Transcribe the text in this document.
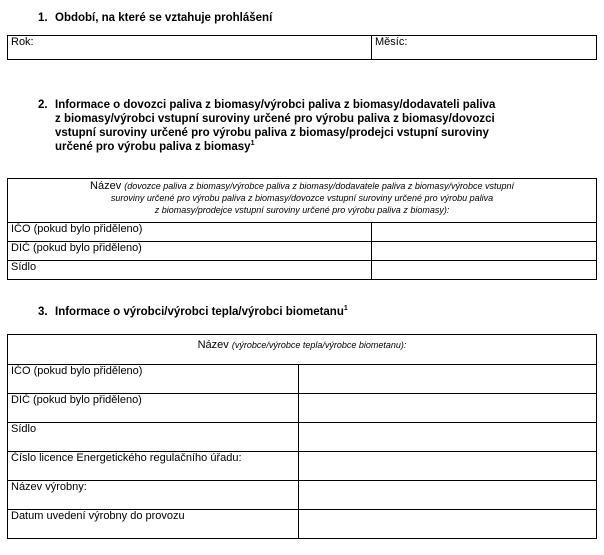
1. Období, na které se vztahuje prohlášení
Rok:	Měsíc:
2. Informace o dovozci paliva z biomasy/výrobci paliva z biomasy/dodavateli paliva
z biomasy/výrobci vstupní suroviny určené pro výrobu paliva z biomasy/dovozci
vstupní suroviny určené pro výrobu paliva z biomasy/prodejci vstupní suroviny
určené pro výrobu paliva z biomasy$^1$
Název (dovozce paliva z biomasy/výrobce paliva z biomasy/dodavatele paliva z biomasy/výrobce vstupní
suroviny určené pro výrobu paliva z biomasy/dovozce vstupní suroviny určené pro výrobu paliva
z biomasy/prodejce vstupní suroviny určené pro výrobu paliva z biomasy):	
IČO (pokud bylo přiděleno)	
DIČ (pokud bylo přiděleno)	
Sídlo	
3. Informace o výrobci/výrobci tepla/výrobci biometanu$^1$
Název (výrobce/výrobce tepla/výrobce biometanu):	
IČO (pokud bylo přiděleno)	
DIČ (pokud bylo přiděleno)	
Sídlo	
Číslo licence Energetického regulačního úřadu:	
Název výrobny:	
Datum uvedení výrobny do provozu	
